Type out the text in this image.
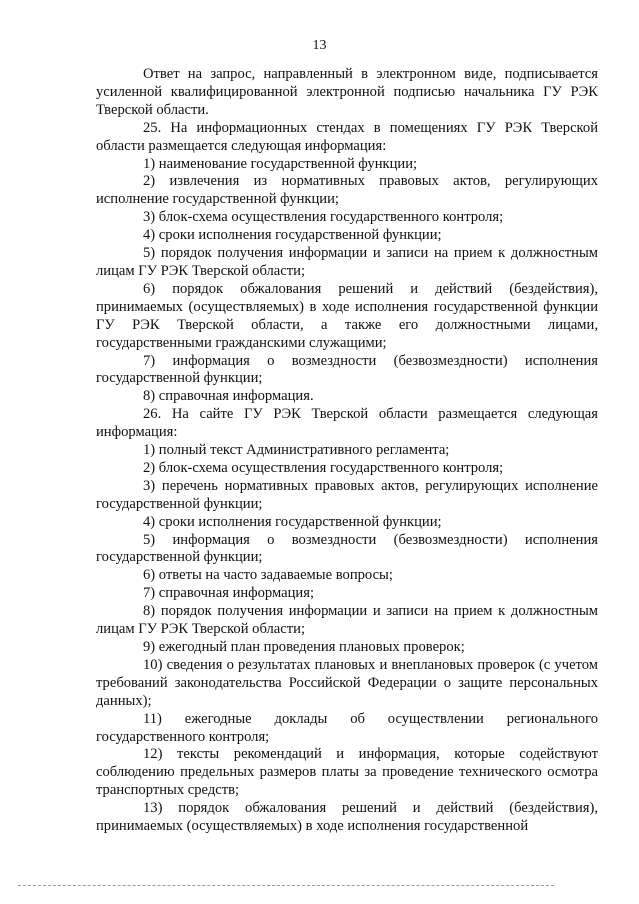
13

Ответ на запрос, направленный в электронном виде, подписывается усиленной квалифицированной электронной подписью начальника ГУ РЭК Тверской области.

25. На информационных стендах в помещениях ГУ РЭК Тверской области размещается следующая информация:

1) наименование государственной функции;

2) извлечения из нормативных правовых актов, регулирующих исполнение государственной функции;

3) блок-схема осуществления государственного контроля;

4) сроки исполнения государственной функции;

5) порядок получения информации и записи на прием к должностным лицам ГУ РЭК Тверской области;

6) порядок обжалования решений и действий (бездействия), принимаемых (осуществляемых) в ходе исполнения государственной функции ГУ РЭК Тверской области, а также его должностными лицами, государственными гражданскими служащими;

7) информация о возмездности (безвозмездности) исполнения государственной функции;

8) справочная информация.

26. На сайте ГУ РЭК Тверской области размещается следующая информация:

1) полный текст Административного регламента;

2) блок-схема осуществления государственного контроля;

3) перечень нормативных правовых актов, регулирующих исполнение государственной функции;

4) сроки исполнения государственной функции;

5) информация о возмездности (безвозмездности) исполнения государственной функции;

6) ответы на часто задаваемые вопросы;

7) справочная информация;

8) порядок получения информации и записи на прием к должностным лицам ГУ РЭК Тверской области;

9) ежегодный план проведения плановых проверок;

10) сведения о результатах плановых и внеплановых проверок (с учетом требований законодательства Российской Федерации о защите персональных данных);

11) ежегодные доклады об осуществлении регионального государственного контроля;

12) тексты рекомендаций и информация, которые содействуют соблюдению предельных размеров платы за проведение технического осмотра транспортных средств;

13) порядок обжалования решений и действий (бездействия), принимаемых (осуществляемых) в ходе исполнения государственной
